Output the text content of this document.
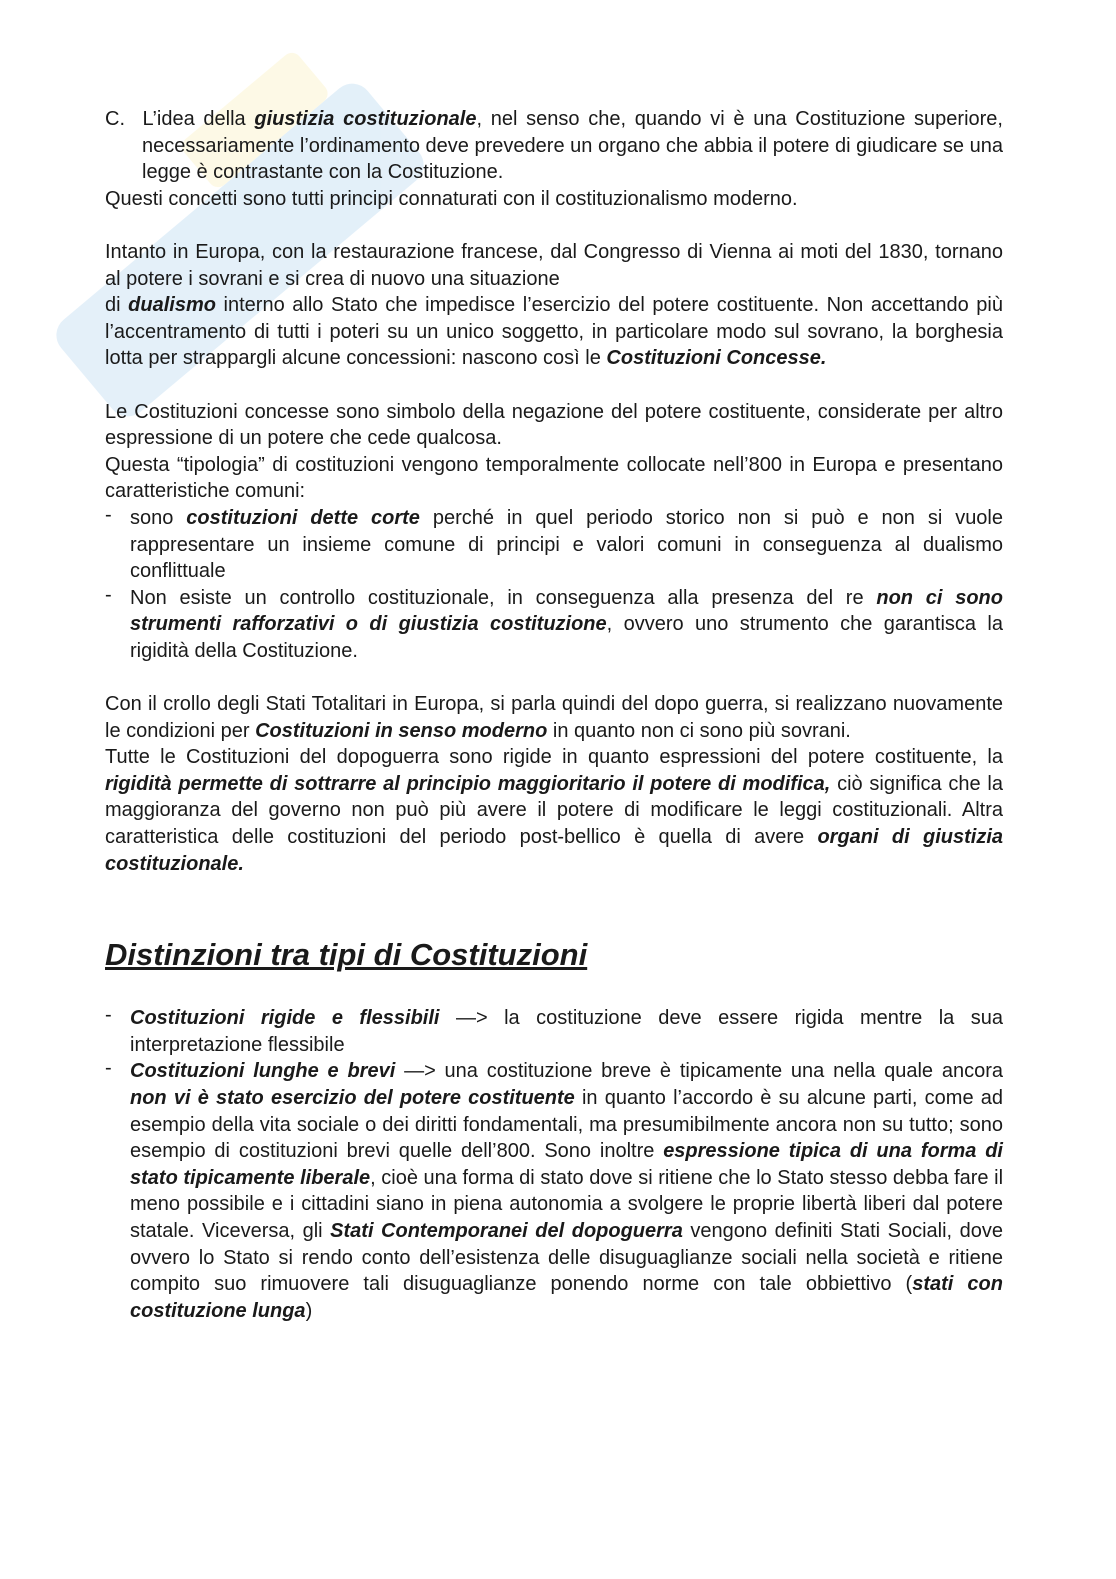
C. L’idea della giustizia costituzionale, nel senso che, quando vi è una Costituzione superiore, necessariamente l’ordinamento deve prevedere un organo che abbia il potere di giudicare se una legge è contrastante con la Costituzione.

Questi concetti sono tutti principi connaturati con il costituzionalismo moderno.

Intanto in Europa, con la restaurazione francese, dal Congresso di Vienna ai moti del 1830, tornano al potere i sovrani e si crea di nuovo una situazione
di dualismo interno allo Stato che impedisce l’esercizio del potere costituente. Non accettando più l’accentramento di tutti i poteri su un unico soggetto, in particolare modo sul sovrano, la borghesia lotta per strappargli alcune concessioni: nascono così le Costituzioni Concesse.

Le Costituzioni concesse sono simbolo della negazione del potere costituente, considerate per altro espressione di un potere che cede qualcosa.

Questa “tipologia” di costituzioni vengono temporalmente collocate nell’800 in Europa e presentano caratteristiche comuni:

- sono costituzioni dette corte perché in quel periodo storico non si può e non si vuole rappresentare un insieme comune di principi e valori comuni in conseguenza al dualismo conflittuale
- Non esiste un controllo costituzionale, in conseguenza alla presenza del re non ci sono strumenti rafforzativi o di giustizia costituzione, ovvero uno strumento che garantisca la rigidità della Costituzione.

Con il crollo degli Stati Totalitari in Europa, si parla quindi del dopo guerra, si realizzano nuovamente le condizioni per Costituzioni in senso moderno in quanto non ci sono più sovrani.

Tutte le Costituzioni del dopoguerra sono rigide in quanto espressioni del potere costituente, la rigidità permette di sottrarre al principio maggioritario il potere di modifica, ciò significa che la maggioranza del governo non può più avere il potere di modificare le leggi costituzionali. Altra caratteristica delle costituzioni del periodo post-bellico è quella di avere organi di giustizia costituzionale.

Distinzioni tra tipi di Costituzioni
- Costituzioni rigide e flessibili —> la costituzione deve essere rigida mentre la sua interpretazione flessibile
- Costituzioni lunghe e brevi —> una costituzione breve è tipicamente una nella quale ancora non vi è stato esercizio del potere costituente in quanto l’accordo è su alcune parti, come ad esempio della vita sociale o dei diritti fondamentali, ma presumibilmente ancora non su tutto; sono esempio di costituzioni brevi quelle dell’800. Sono inoltre espressione tipica di una forma di stato tipicamente liberale, cioè una forma di stato dove si ritiene che lo Stato stesso debba fare il meno possibile e i cittadini siano in piena autonomia a svolgere le proprie libertà liberi dal potere statale. Viceversa, gli Stati Contemporanei del dopoguerra vengono definiti Stati Sociali, dove ovvero lo Stato si rendo conto dell’esistenza delle disuguaglianze sociali nella società e ritiene compito suo rimuovere tali disuguaglianze ponendo norme con tale obbiettivo (stati con costituzione lunga)
